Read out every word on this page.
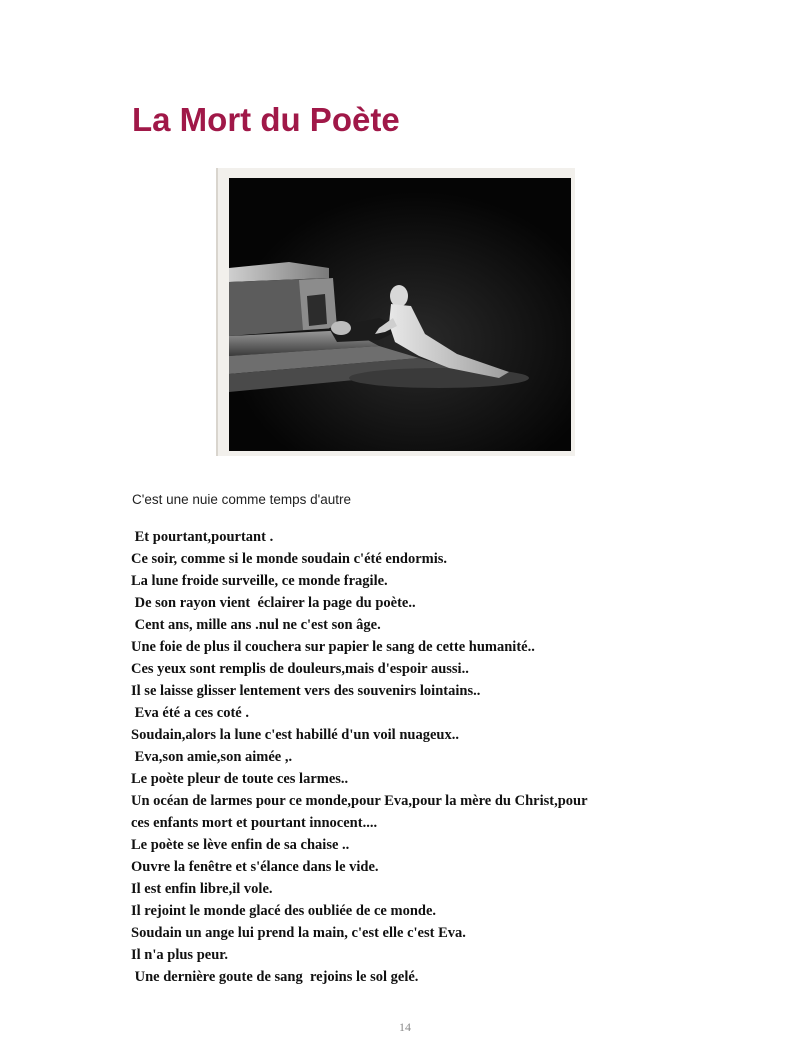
La Mort du Poète

C'est une nuie comme temps d'autre

Et pourtant,pourtant .
Ce soir, comme si le monde soudain c'été endormis.
La lune froide surveille, ce monde fragile.
De son rayon vient  éclairer la page du poète..
Cent ans, mille ans .nul ne c'est son âge.
Une foie de plus il couchera sur papier le sang de cette humanité..
Ces yeux sont remplis de douleurs,mais d'espoir aussi..
Il se laisse glisser lentement vers des souvenirs lointains..
Eva été a ces coté .
Soudain,alors la lune c'est habillé d'un voil nuageux..
Eva,son amie,son aimée ,.
Le poète pleur de toute ces larmes..
Un océan de larmes pour ce monde,pour Eva,pour la mère du Christ,pour
ces enfants mort et pourtant innocent....
Le poète se lève enfin de sa chaise ..
Ouvre la fenêtre et s'élance dans le vide.
Il est enfin libre,il vole.
Il rejoint le monde glacé des oubliée de ce monde.
Soudain un ange lui prend la main, c'est elle c'est Eva.
Il n'a plus peur.
Une dernière goute de sang  rejoins le sol gelé.
14
